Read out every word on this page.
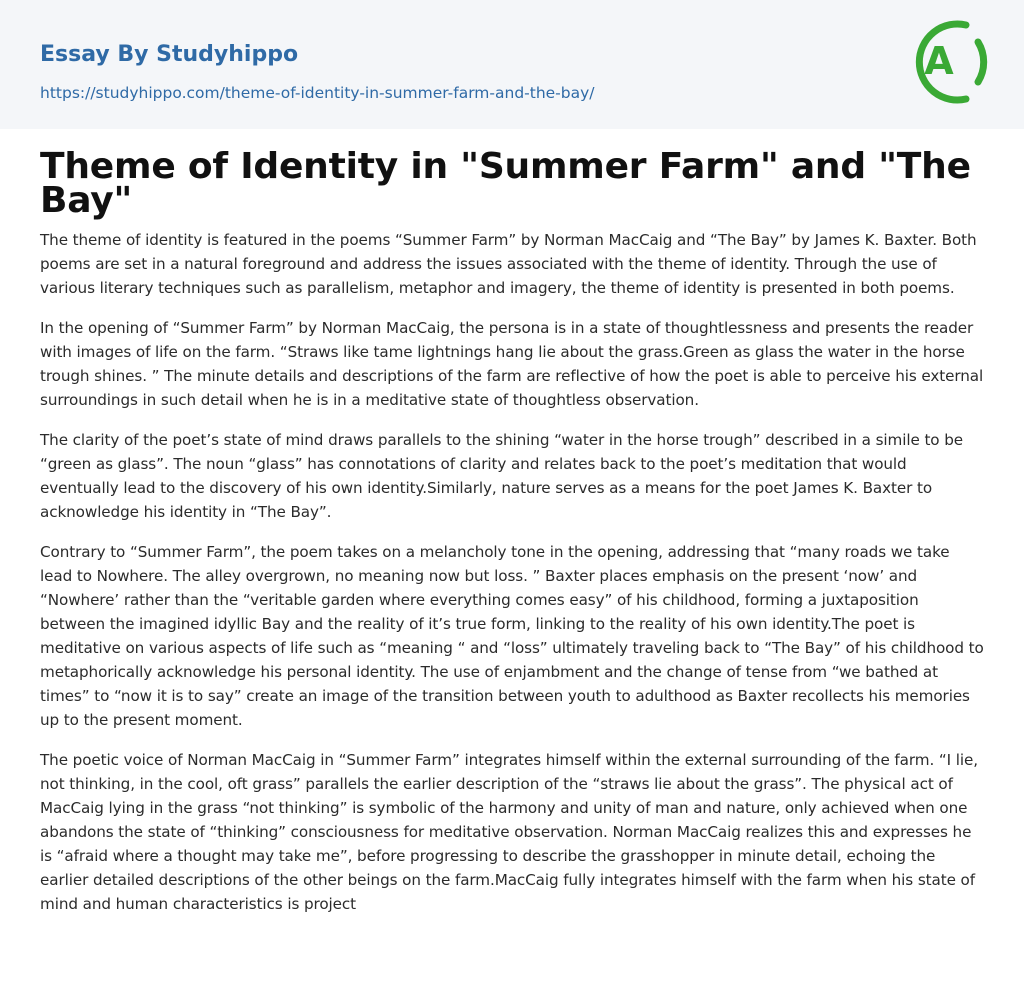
Essay By Studyhippo
https://studyhippo.com/theme-of-identity-in-summer-farm-and-the-bay/
A
Theme of Identity in "Summer Farm" and "The Bay"

The theme of identity is featured in the poems “Summer Farm” by Norman MacCaig and “The Bay” by James K. Baxter. Both poems are set in a natural foreground and address the issues associated with the theme of identity. Through the use of various literary techniques such as parallelism, metaphor and imagery, the theme of identity is presented in both poems.

In the opening of “Summer Farm” by Norman MacCaig, the persona is in a state of thoughtlessness and presents the reader with images of life on the farm. “Straws like tame lightnings hang lie about the grass.Green as glass the water in the horse trough shines. ” The minute details and descriptions of the farm are reflective of how the poet is able to perceive his external surroundings in such detail when he is in a meditative state of thoughtless observation.

The clarity of the poet’s state of mind draws parallels to the shining “water in the horse trough” described in a simile to be “green as glass”. The noun “glass” has connotations of clarity and relates back to the poet’s meditation that would eventually lead to the discovery of his own identity.Similarly, nature serves as a means for the poet James K. Baxter to acknowledge his identity in “The Bay”.

Contrary to “Summer Farm”, the poem takes on a melancholy tone in the opening, addressing that “many roads we take lead to Nowhere. The alley overgrown, no meaning now but loss. ” Baxter places emphasis on the present ‘now’ and “Nowhere’ rather than the “veritable garden where everything comes easy” of his childhood, forming a juxtaposition between the imagined idyllic Bay and the reality of it’s true form, linking to the reality of his own identity.The poet is meditative on various aspects of life such as “meaning “ and “loss” ultimately traveling back to “The Bay” of his childhood to metaphorically acknowledge his personal identity. The use of enjambment and the change of tense from “we bathed at times” to “now it is to say” create an image of the transition between youth to adulthood as Baxter recollects his memories up to the present moment.

The poetic voice of Norman MacCaig in “Summer Farm” integrates himself within the external surrounding of the farm. “I lie, not thinking, in the cool, oft grass” parallels the earlier description of the “straws lie about the grass”. The physical act of MacCaig lying in the grass “not thinking” is symbolic of the harmony and unity of man and nature, only achieved when one abandons the state of “thinking” consciousness for meditative observation. Norman MacCaig realizes this and expresses he is “afraid where a thought may take me”, before progressing to describe the grasshopper in minute detail, echoing the earlier detailed descriptions of the other beings on the farm.MacCaig fully integrates himself with the farm when his state of mind and human characteristics is project
